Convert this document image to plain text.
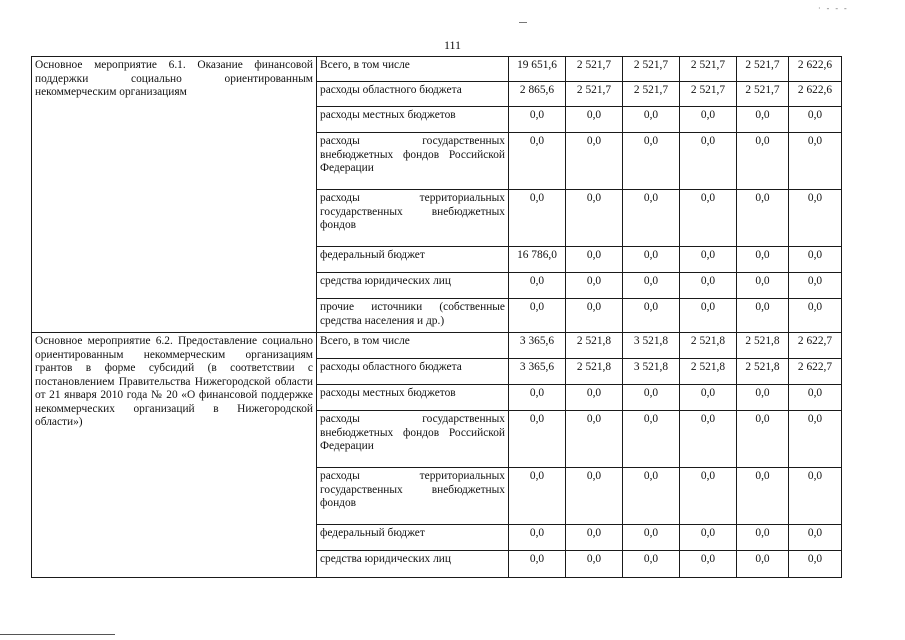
· - - -
111
Основное мероприятие 6.1. Оказание финансовой поддержки социально ориентированным некоммерческим организациям	Всего, в том числе	19 651,6	2 521,7	2 521,7	2 521,7	2 521,7	2 622,6
	расходы областного бюджета	2 865,6	2 521,7	2 521,7	2 521,7	2 521,7	2 622,6
	расходы местных бюджетов	0,0	0,0	0,0	0,0	0,0	0,0
	расходы государственных внебюджетных фондов Российской Федерации	0,0	0,0	0,0	0,0	0,0	0,0
	расходы территориальных государственных внебюджетных фондов	0,0	0,0	0,0	0,0	0,0	0,0
	федеральный бюджет	16 786,0	0,0	0,0	0,0	0,0	0,0
	средства юридических лиц	0,0	0,0	0,0	0,0	0,0	0,0
	прочие источники (собственные средства населения и др.)	0,0	0,0	0,0	0,0	0,0	0,0
Основное мероприятие 6.2. Предоставление социально ориентированным некоммерческим организациям грантов в форме субсидий (в соответствии с постановлением Правительства Нижегородской области от 21 января 2010 года № 20 «О финансовой поддержке некоммерческих организаций в Нижегородской области»)	Всего, в том числе	3 365,6	2 521,8	3 521,8	2 521,8	2 521,8	2 622,7
	расходы областного бюджета	3 365,6	2 521,8	3 521,8	2 521,8	2 521,8	2 622,7
	расходы местных бюджетов	0,0	0,0	0,0	0,0	0,0	0,0
	расходы государственных внебюджетных фондов Российской Федерации	0,0	0,0	0,0	0,0	0,0	0,0
	расходы территориальных государственных внебюджетных фондов	0,0	0,0	0,0	0,0	0,0	0,0
	федеральный бюджет	0,0	0,0	0,0	0,0	0,0	0,0
	средства юридических лиц	0,0	0,0	0,0	0,0	0,0	0,0
